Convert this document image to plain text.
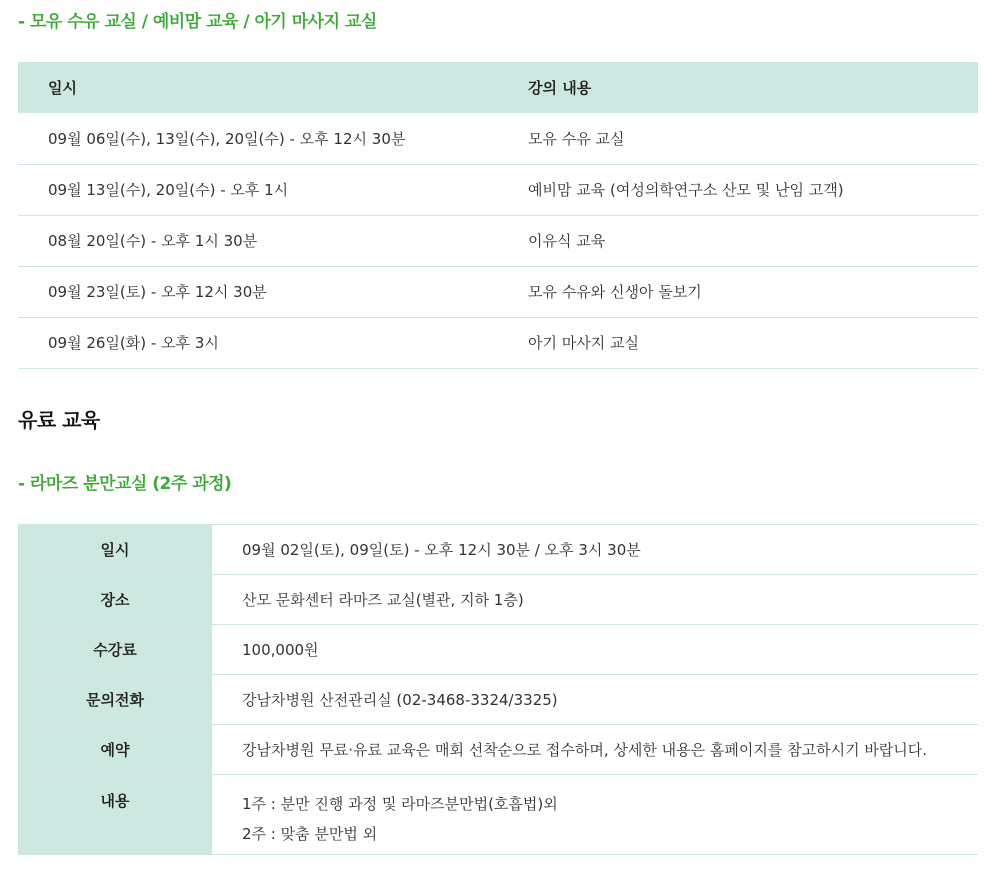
- 모유 수유 교실 / 예비맘 교육 / 아기 마사지 교실
일시	강의 내용
09월 06일(수), 13일(수), 20일(수) - 오후 12시 30분	모유 수유 교실
09월 13일(수), 20일(수) - 오후 1시	예비맘 교육 (여성의학연구소 산모 및 난임 고객)
08월 20일(수) - 오후 1시 30분	이유식 교육
09월 23일(토) - 오후 12시 30분	모유 수유와 신생아 돌보기
09월 26일(화) - 오후 3시	아기 마사지 교실
유료 교육
- 라마즈 분만교실 (2주 과정)
일시	09월 02일(토), 09일(토) - 오후 12시 30분 / 오후 3시 30분
장소	산모 문화센터 라마즈 교실(별관, 지하 1층)
수강료	100,000원
문의전화	강남차병원 산전관리실 (02-3468-3324/3325)
예약	강남차병원 무료·유료 교육은 매회 선착순으로 접수하며, 상세한 내용은 홈페이지를 참고하시기 바랍니다.
내용	1주 : 분만 진행 과정 및 라마즈분만법(호흡법)외
2주 : 맞춤 분만법 외
